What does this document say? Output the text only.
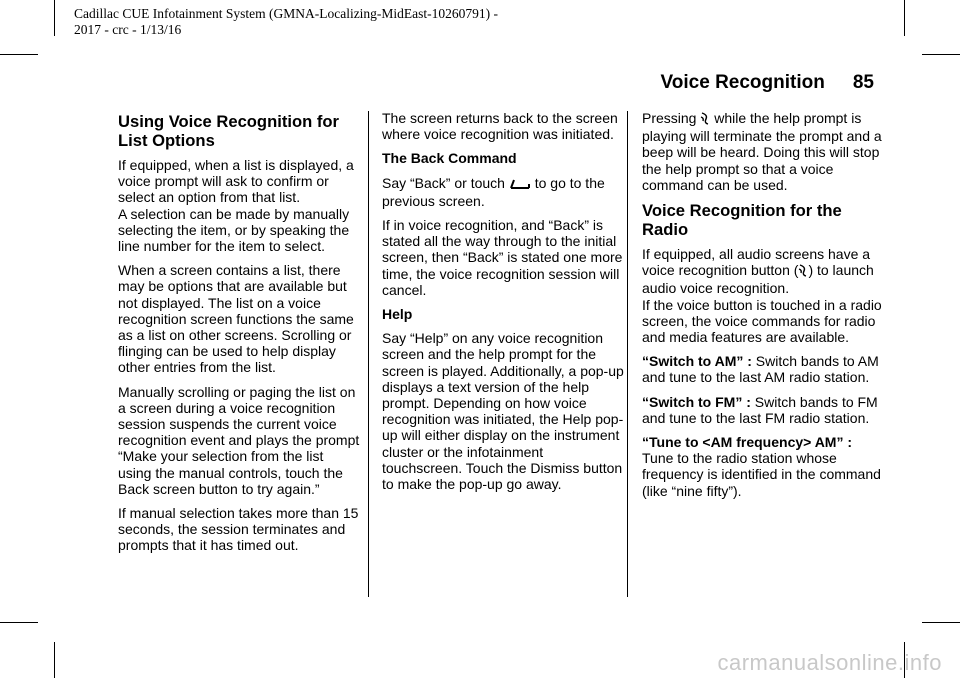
Cadillac CUE Infotainment System (GMNA-Localizing-MidEast-10260791) -
2017 - crc - 1/13/16
Voice Recognition 85
Using Voice Recognition for List Options

If equipped, when a list is displayed, a voice prompt will ask to confirm or select an option from that list.
A selection can be made by manually selecting the item, or by speaking the line number for the item to select.

When a screen contains a list, there may be options that are available but not displayed. The list on a voice recognition screen functions the same as a list on other screens. Scrolling or flinging can be used to help display other entries from the list.

Manually scrolling or paging the list on a screen during a voice recognition session suspends the current voice recognition event and plays the prompt “Make your selection from the list using the manual controls, touch the Back screen button to try again.”

If manual selection takes more than 15 seconds, the session terminates and prompts that it has timed out.

The screen returns back to the screen where voice recognition was initiated.

The Back Command

Say “Back” or touch to go to the previous screen.

If in voice recognition, and “Back” is stated all the way through to the initial screen, then “Back” is stated one more time, the voice recognition session will cancel.

Help

Say “Help” on any voice recognition screen and the help prompt for the screen is played. Additionally, a pop-up displays a text version of the help prompt. Depending on how voice recognition was initiated, the Help pop-up will either display on the instrument cluster or the infotainment touchscreen. Touch the Dismiss button to make the pop-up go away.

Pressing while the help prompt is playing will terminate the prompt and a beep will be heard. Doing this will stop the help prompt so that a voice command can be used.

Voice Recognition for the Radio

If equipped, all audio screens have a voice recognition button ( ) to launch audio voice recognition.
If the voice button is touched in a radio screen, the voice commands for radio and media features are available.

“Switch to AM” : Switch bands to AM and tune to the last AM radio station.

“Switch to FM” : Switch bands to FM and tune to the last FM radio station.

“Tune to <AM frequency> AM” :
Tune to the radio station whose frequency is identified in the command (like “nine fifty”).

carmanualsonline.info
